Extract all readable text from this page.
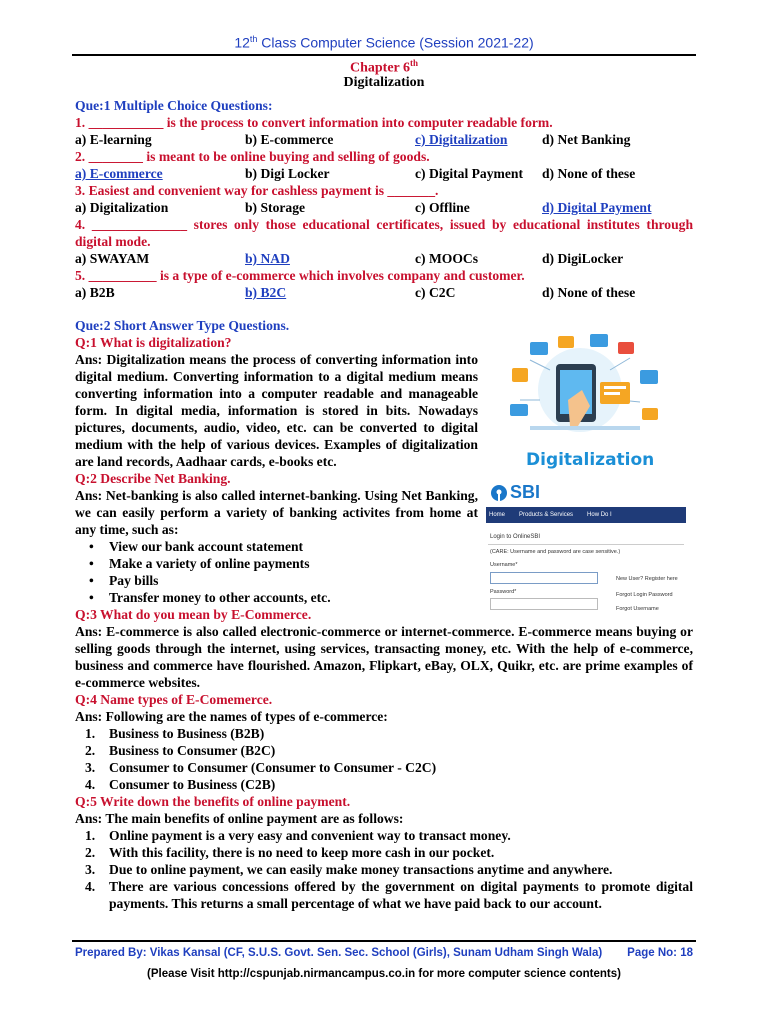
12th Class Computer Science (Session 2021-22)
Chapter 6th
Digitalization
Que:1 Multiple Choice Questions:
1. ___________ is the process to convert information into computer readable form.
a) E-learning	b) E-commerce	c) Digitalization	d) Net Banking
2. ________ is meant to be online buying and selling of goods.
a) E-commerce	b) Digi Locker	c) Digital Payment	d) None of these
3. Easiest and convenient way for cashless payment is _______.
a) Digitalization	b) Storage	c) Offline	d) Digital Payment
4. ______________ stores only those educational certificates, issued by educational institutes through digital mode.
a) SWAYAM	b) NAD	c) MOOCs	d) DigiLocker
5. __________ is a type of e-commerce which involves company and customer.
a) B2B	b) B2C	c) C2C	d) None of these
Que:2 Short Answer Type Questions.
Q:1 What is digitalization?
Ans: Digitalization means the process of converting information into digital medium. Converting information to a digital medium means converting information into a computer readable and manageable form. In digital media, information is stored in bits. Nowadays pictures, documents, audio, video, etc. can be converted to digital medium with the help of various devices. Examples of digitalization are land records, Aadhaar cards, e-books etc.
Q:2 Describe Net Banking.
Ans: Net-banking is also called internet-banking. Using Net Banking, we can easily perform a variety of banking activites from home at any time, such as:
• View our bank account statement
• Make a variety of online payments
• Pay bills
• Transfer money to other accounts, etc.
Q:3 What do you mean by E-Commerce.
Ans: E-commerce is also called electronic-commerce or internet-commerce. E-commerce means buying or selling goods through the internet, using services, transacting money, etc. With the help of e-commerce, business and commerce have flourished. Amazon, Flipkart, eBay, OLX, Quikr, etc. are prime examples of e-commerce websites.
Q:4 Name types of E-Comemerce.
Ans: Following are the names of types of e-commerce:
1. Business to Business (B2B)
2. Business to Consumer (B2C)
3. Consumer to Consumer (Consumer to Consumer - C2C)
4. Consumer to Business (C2B)
Q:5 Write down the benefits of online payment.
Ans: The main benefits of online payment are as follows:
1. Online payment is a very easy and convenient way to transact money.
2. With this facility, there is no need to keep more cash in our pocket.
3. Due to online payment, we can easily make money transactions anytime and anywhere.
4. There are various concessions offered by the government on digital payments to promote digital payments. This returns a small percentage of what we have paid back to our account.
Digitalization
SBI
Home Products & Services How Do I
Login to OnlineSBI
(CARE: Username and password are case sensitive.)
Username*
Password*
New User? Register here
Forgot Login Password
Forgot Username
Prepared By: Vikas Kansal (CF, S.U.S. Govt. Sen. Sec. School (Girls), Sunam Udham Singh Wala) Page No: 18
(Please Visit http://cspunjab.nirmancampus.co.in for more computer science contents)
